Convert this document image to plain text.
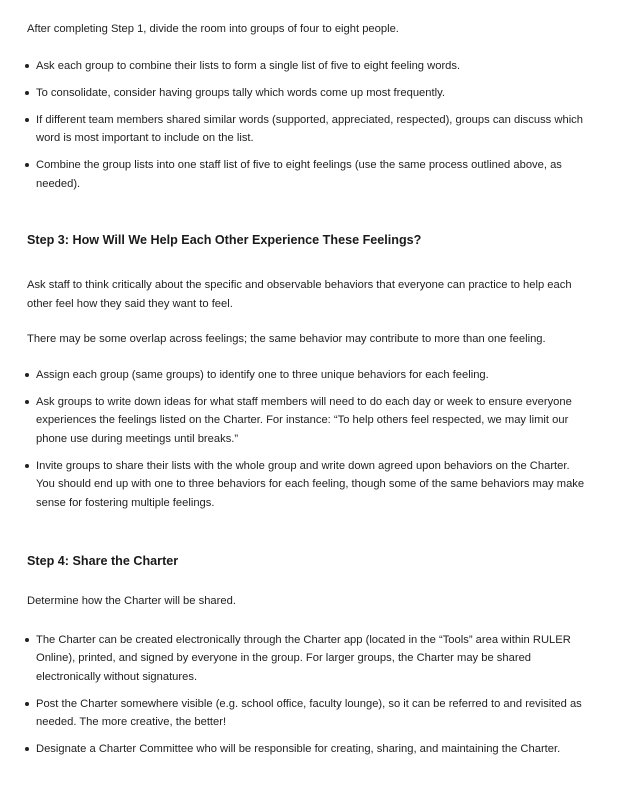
After completing Step 1, divide the room into groups of four to eight people.

Ask each group to combine their lists to form a single list of five to eight feeling words.
To consolidate, consider having groups tally which words come up most frequently.
If different team members shared similar words (supported, appreciated, respected), groups can discuss which word is most important to include on the list.
Combine the group lists into one staff list of five to eight feelings (use the same process outlined above, as needed).
Step 3: How Will We Help Each Other Experience These Feelings?

Ask staff to think critically about the specific and observable behaviors that everyone can practice to help each other feel how they said they want to feel.

There may be some overlap across feelings; the same behavior may contribute to more than one feeling.

Assign each group (same groups) to identify one to three unique behaviors for each feeling.
Ask groups to write down ideas for what staff members will need to do each day or week to ensure everyone experiences the feelings listed on the Charter. For instance: “To help others feel respected, we may limit our phone use during meetings until breaks.”
Invite groups to share their lists with the whole group and write down agreed upon behaviors on the Charter. You should end up with one to three behaviors for each feeling, though some of the same behaviors may make sense for fostering multiple feelings.
Step 4: Share the Charter

Determine how the Charter will be shared.

The Charter can be created electronically through the Charter app (located in the “Tools” area within RULER Online), printed, and signed by everyone in the group. For larger groups, the Charter may be shared electronically without signatures.
Post the Charter somewhere visible (e.g. school office, faculty lounge), so it can be referred to and revisited as needed. The more creative, the better!
Designate a Charter Committee who will be responsible for creating, sharing, and maintaining the Charter.
